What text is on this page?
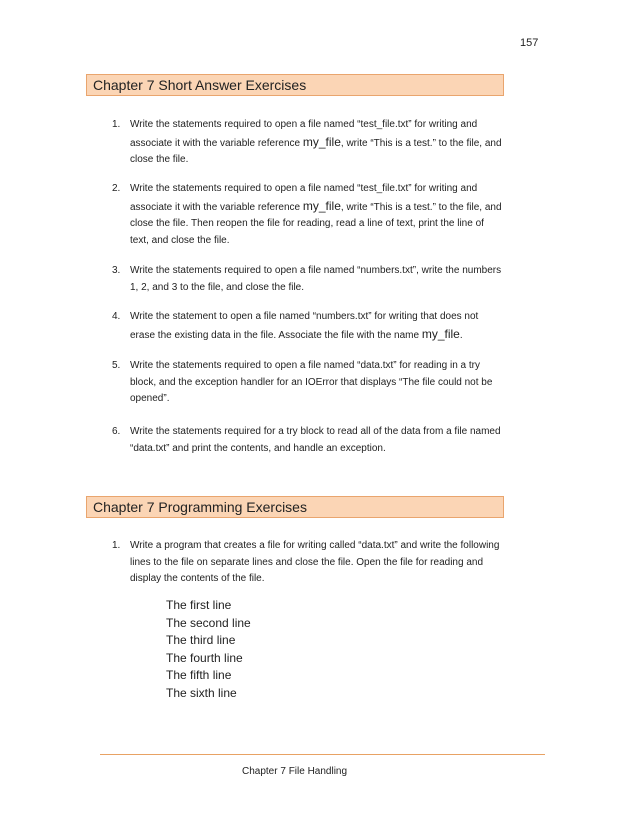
157
Chapter 7 Short Answer Exercises
1. Write the statements required to open a file named “test_file.txt” for writing and associate it with the variable reference my_file, write “This is a test.” to the file, and close the file.
2. Write the statements required to open a file named “test_file.txt” for writing and associate it with the variable reference my_file, write “This is a test.” to the file, and close the file. Then reopen the file for reading, read a line of text, print the line of text, and close the file.
3. Write the statements required to open a file named “numbers.txt”, write the numbers 1, 2, and 3 to the file, and close the file.
4. Write the statement to open a file named “numbers.txt” for writing that does not erase the existing data in the file. Associate the file with the name my_file.
5. Write the statements required to open a file named “data.txt” for reading in a try block, and the exception handler for an IOError that displays “The file could not be opened”.
6. Write the statements required for a try block to read all of the data from a file named “data.txt” and print the contents, and handle an exception.
Chapter 7 Programming Exercises
1. Write a program that creates a file for writing called “data.txt” and write the following lines to the file on separate lines and close the file. Open the file for reading and display the contents of the file.
The first line
The second line
The third line
The fourth line
The fifth line
The sixth line
Chapter 7 File Handling
